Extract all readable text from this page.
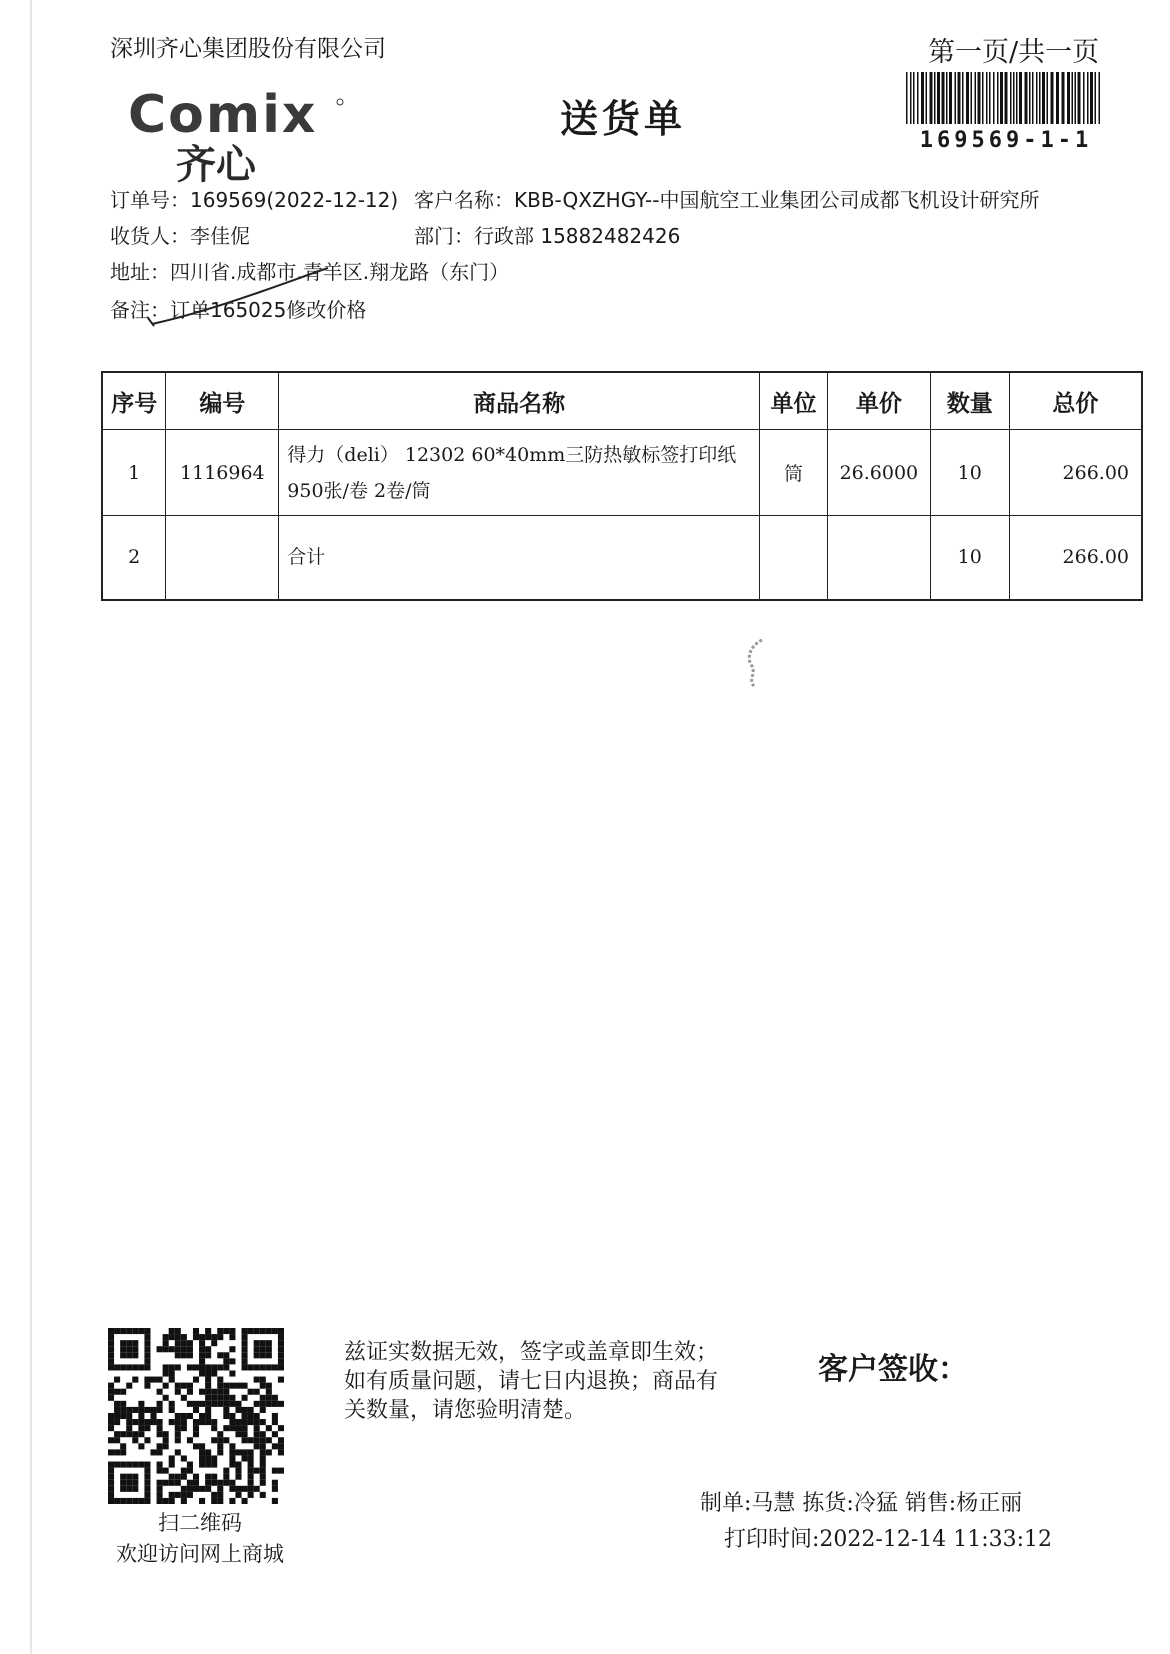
深圳齐心集团股份有限公司	第一页/共一页
Comix
齐心
送货单	169569-1-1
订单号：169569(2022-12-12) 客户名称：KBB-QXZHGY--中国航空工业集团公司成都飞机设计研究所
收货人：李佳伲	部门：行政部 15882482426
地址：四川省.成都市.青羊区.翔龙路（东门）
备注：订单165025修改价格
序号	编号	商品名称	单位	单价	数量	总价
1	1116964	得力（deli） 12302 60*40mm三防热敏标签打印纸
950张/卷 2卷/筒	筒	26.6000	10	266.00
2		合计			10	266.00
扫二维码
欢迎访问网上商城
兹证实数据无效，签字或盖章即生效；如有质量问题，请七日内退换；商品有关数量，请您验明清楚。
客户签收：
制单:马慧 拣货:冷猛 销售:杨正丽
打印时间:2022-12-14 11:33:12
